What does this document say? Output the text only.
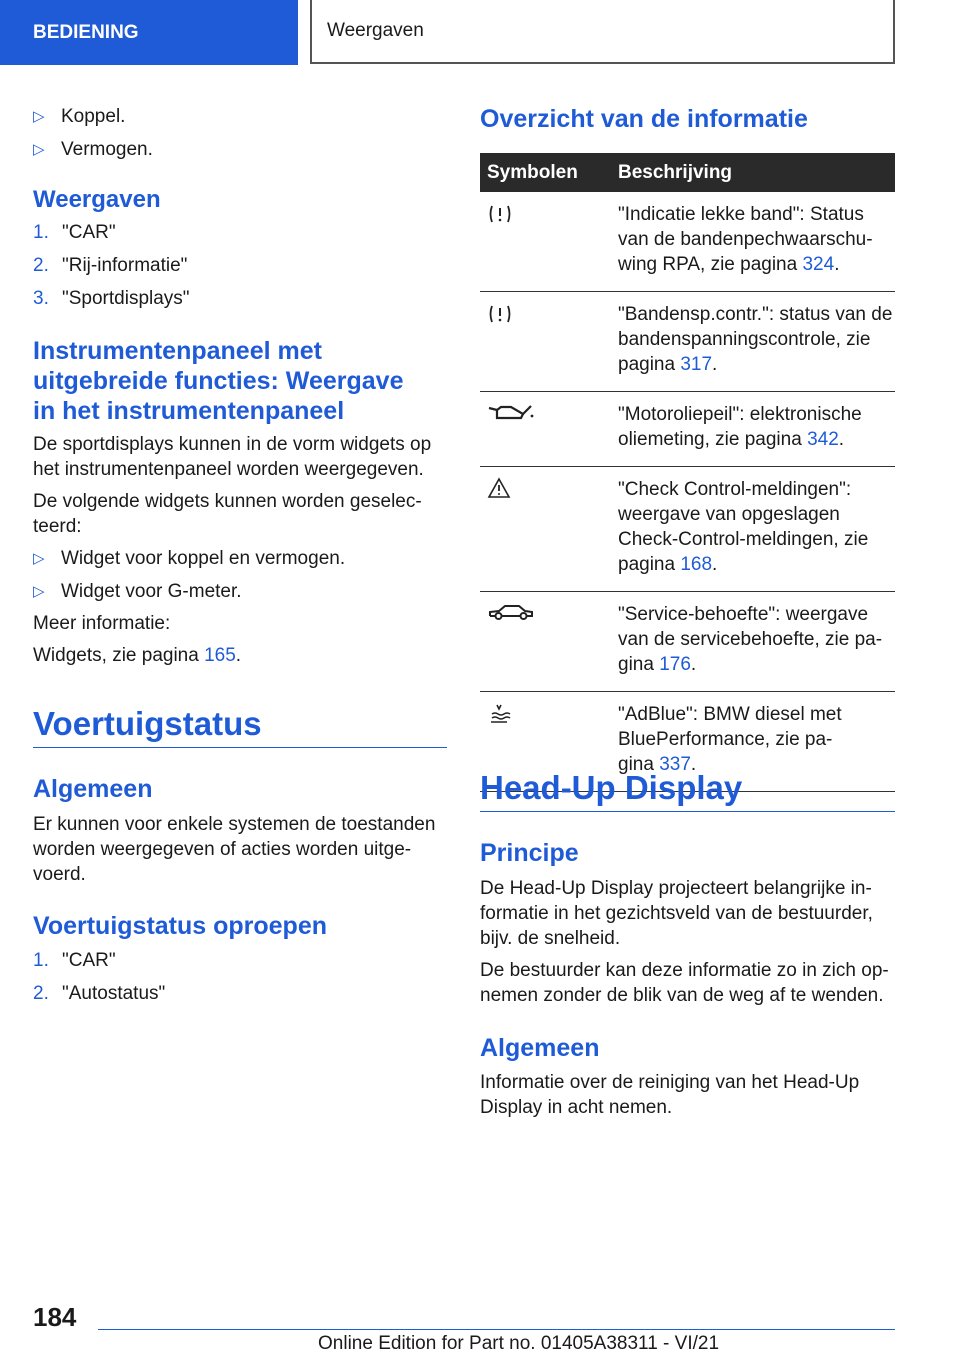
BEDIENING	Weergaven
▷ Koppel.
▷ Vermogen.
Weergaven
1. "CAR"
2. "Rij-informatie"
3. "Sportdisplays"
Instrumentenpaneel met
uitgebreide functies: Weergave
in het instrumentenpaneel
De sportdisplays kunnen in de vorm widgets op
het instrumentenpaneel worden weergegeven.
De volgende widgets kunnen worden geselec-
teerd:
▷ Widget voor koppel en vermogen.
▷ Widget voor G-meter.
Meer informatie:
Widgets, zie pagina 165.
Voertuigstatus
Algemeen
Er kunnen voor enkele systemen de toestanden
worden weergegeven of acties worden uitge-
voerd.
Voertuigstatus oproepen
1. "CAR"
2. "Autostatus"
Overzicht van de informatie
Symbolen	Beschrijving

"Indicatie lekke band": Status
van de bandenpechwaarschu-
wing RPA, zie pagina 324.

"Bandensp.contr.": status van de
bandenspanningscontrole, zie
pagina 317.

"Motoroliepeil": elektronische
oliemeting, zie pagina 342.

"Check Control-meldingen":
weergave van opgeslagen
Check-Control-meldingen, zie
pagina 168.

"Service-behoefte": weergave
van de servicebehoefte, zie pa-
gina 176.

"AdBlue": BMW diesel met
BluePerformance, zie pa-
gina 337.
Head-Up Display
Principe
De Head-Up Display projecteert belangrijke in-
formatie in het gezichtsveld van de bestuurder,
bijv. de snelheid.
De bestuurder kan deze informatie zo in zich op-
nemen zonder de blik van de weg af te wenden.
Algemeen
Informatie over de reiniging van het Head-Up
Display in acht nemen.
184
Online Edition for Part no. 01405A38311 - VI/21
